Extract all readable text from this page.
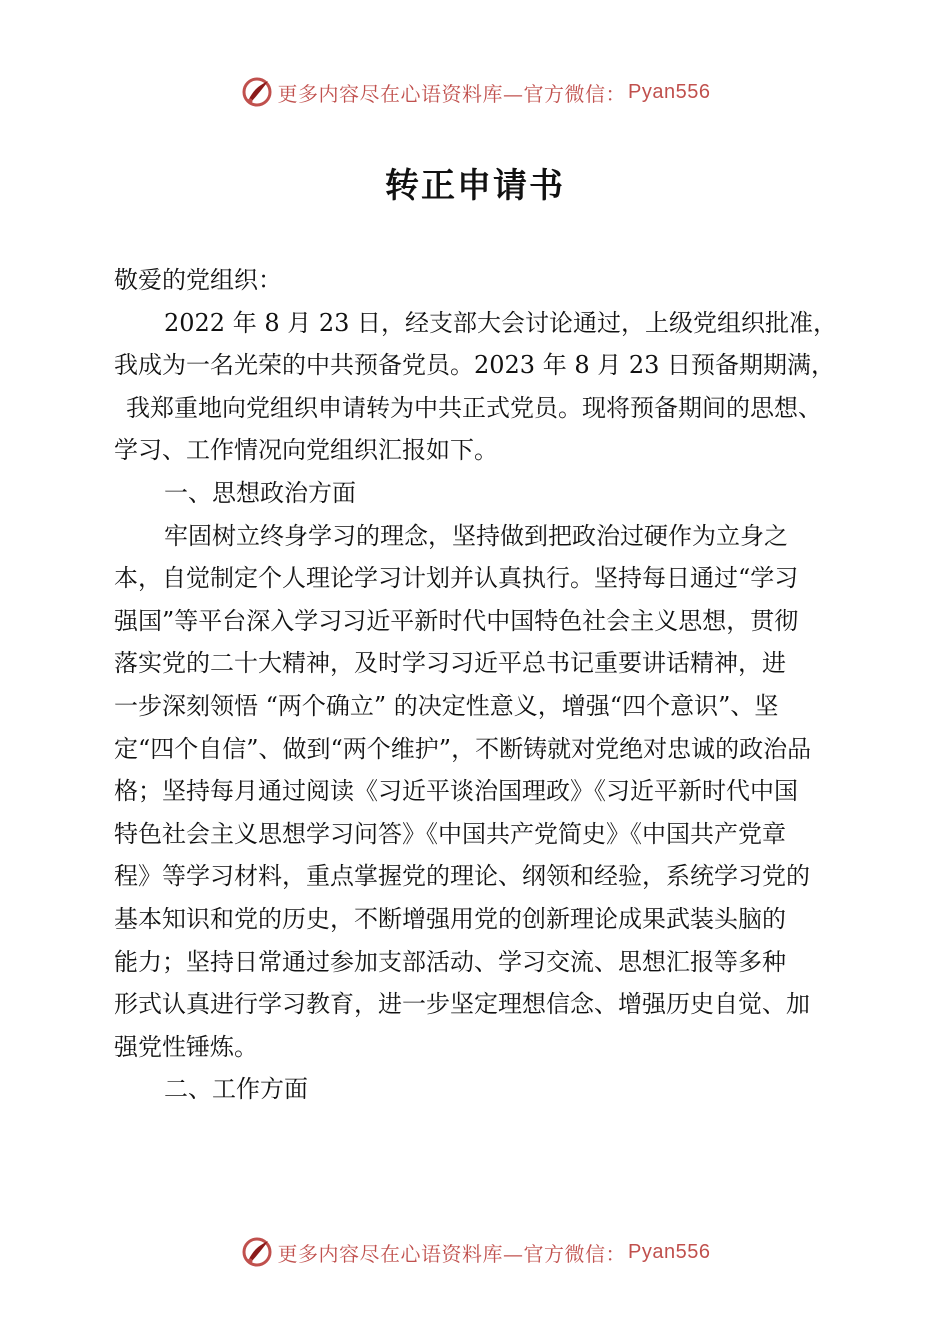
更多内容尽在心语资料库—官方微信： Pyan556
转正申请书
敬爱的党组织：
2022 年 8 月 23 日，经支部大会讨论通过，上级党组织批准，
我成为一名光荣的中共预备党员。2023 年 8 月 23 日预备期期满，
我郑重地向党组织申请转为中共正式党员。现将预备期间的思想、
学习、工作情况向党组织汇报如下。
一、思想政治方面
牢固树立终身学习的理念，坚持做到把政治过硬作为立身之
本，自觉制定个人理论学习计划并认真执行。坚持每日通过“学习
强国”等平台深入学习习近平新时代中国特色社会主义思想，贯彻
落实党的二十大精神，及时学习习近平总书记重要讲话精神，进
一步深刻领悟 “两个确立” 的决定性意义，增强“四个意识”、坚
定“四个自信”、做到“两个维护”，不断铸就对党绝对忠诚的政治品
格；坚持每月通过阅读《习近平谈治国理政》《习近平新时代中国
特色社会主义思想学习问答》《中国共产党简史》《中国共产党章
程》等学习材料，重点掌握党的理论、纲领和经验，系统学习党的
基本知识和党的历史，不断增强用党的创新理论成果武装头脑的
能力；坚持日常通过参加支部活动、学习交流、思想汇报等多种
形式认真进行学习教育，进一步坚定理想信念、增强历史自觉、加
强党性锤炼。
二、工作方面
更多内容尽在心语资料库—官方微信： Pyan556
